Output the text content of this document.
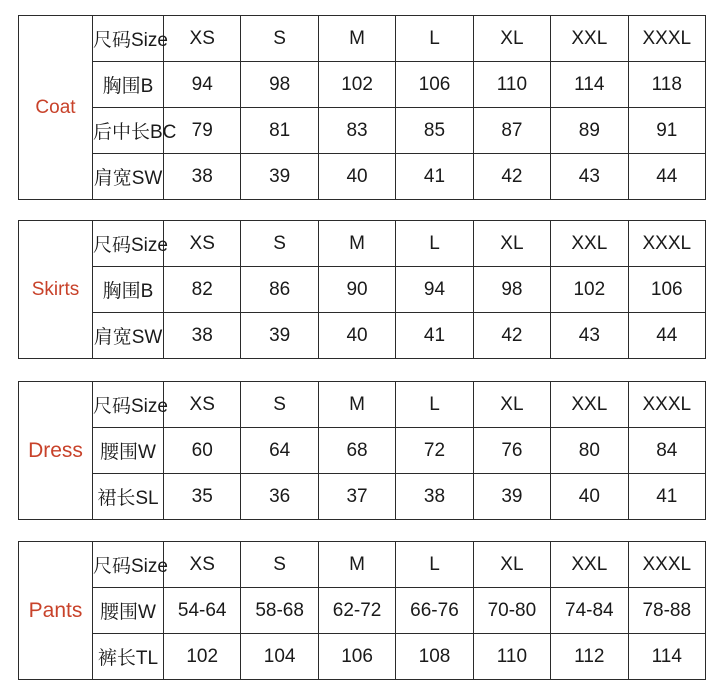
Coat	尺码Size	XS	S	M	L	XL	XXL	XXXL
	胸围B	94	98	102	106	110	114	118
	后中长BC	79	81	83	85	87	89	91
	肩宽SW	38	39	40	41	42	43	44
Skirts	尺码Size	XS	S	M	L	XL	XXL	XXXL
	胸围B	82	86	90	94	98	102	106
	肩宽SW	38	39	40	41	42	43	44
Dress	尺码Size	XS	S	M	L	XL	XXL	XXXL
	腰围W	60	64	68	72	76	80	84
	裙长SL	35	36	37	38	39	40	41
Pants	尺码Size	XS	S	M	L	XL	XXL	XXXL
	腰围W	54-64	58-68	62-72	66-76	70-80	74-84	78-88
	裤长TL	102	104	106	108	110	112	114
